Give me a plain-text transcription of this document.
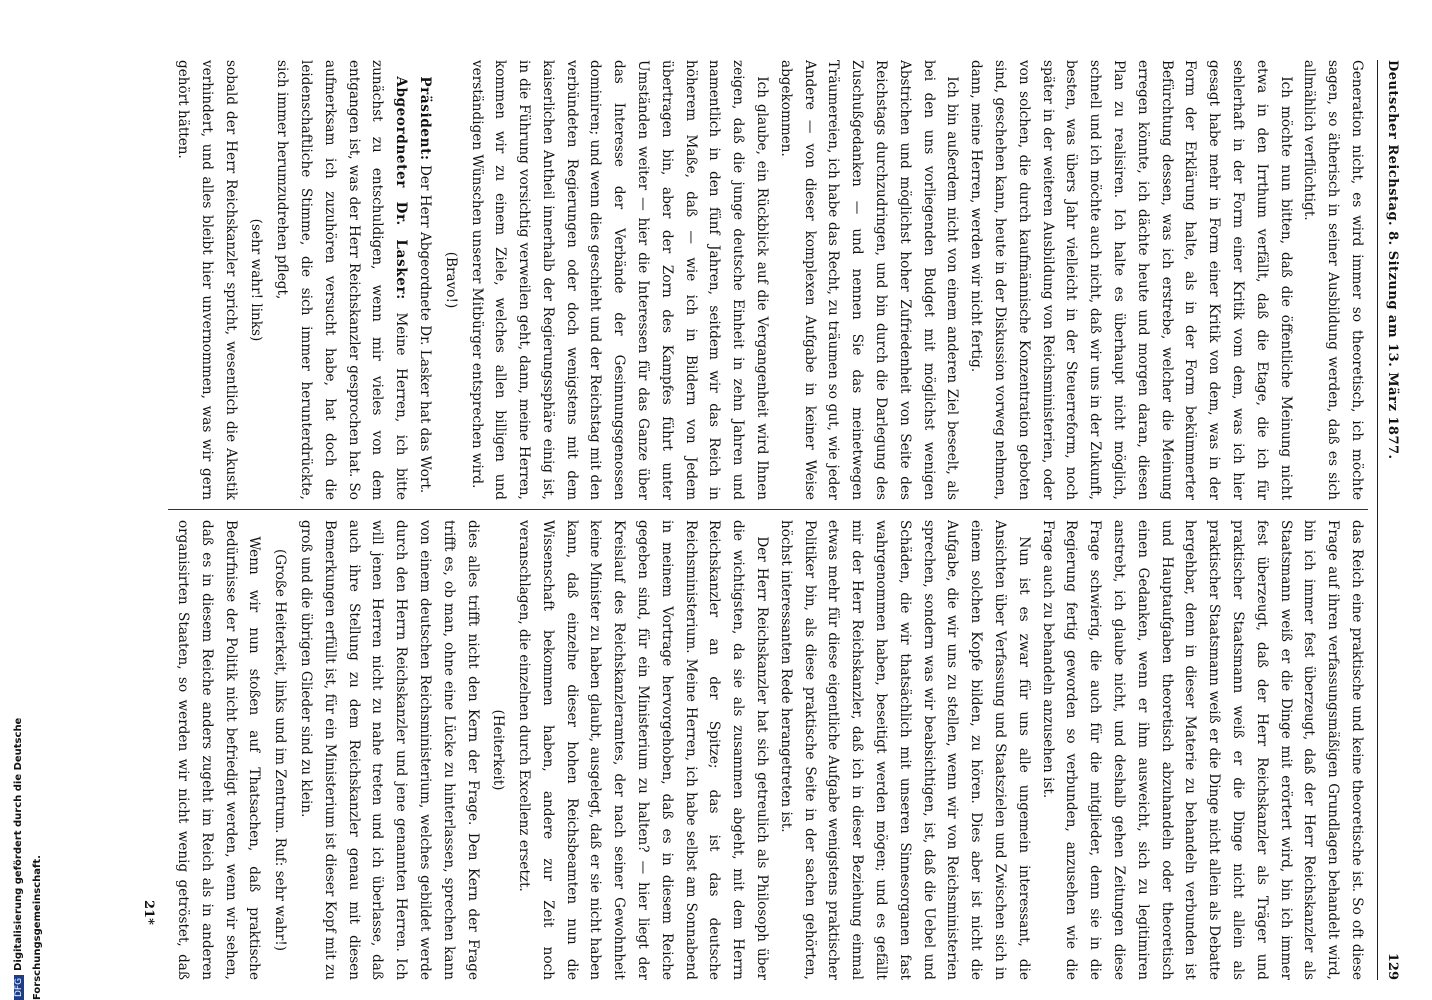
Deutscher Reichstag. 8. Sitzung am 13. März 1877.
129

Generation nicht, es wird immer so theoretisch, ich möchte sagen, so ätherisch in seiner Ausbildung werden, daß es sich allmählich verflüchtigt.

Ich möchte nun bitten, daß die öffentliche Meinung nicht etwa in den Irrthum verfällt, daß die Etage, die ich für sehlerhaft in der Form einer Kritik vom dem, was ich hier gesagt habe mehr in Form einer Kritik von dem, was in der Form der Erklärung halte, als in der Form bekümmerter Befürchtung dessen, was ich erstrebe, welcher die Meinung erregen könnte, ich dächte heute und morgen daran, diesen Plan zu realisiren. Ich halte es überhaupt nicht möglich, schnell und ich möchte auch nicht, daß wir uns in der Zukunft, besten, was übers Jahr vielleicht in der Steuerreform, noch später in der weiteren Ausbildung von Reichsministerien, oder von solchen, die durch kaufmännische Konzentration geboten sind, geschehen kann, heute in der Diskussion vorweg nehmen, dann, meine Herren, werden wir nicht fertig.

Ich bin außerdem nicht von einem anderen Ziel beseelt, als bei den uns vorliegenden Budget mit möglichst wenigen Abstrichen und möglichst hoher Zufriedenheit von Seite des Reichstags durchzudringen, und bin durch die Darlegung des Zuschußgedanken — und nennen Sie das meinetwegen Träumereien, ich habe das Recht, zu träumen so gut, wie jeder Andere — von dieser komplexen Aufgabe in keiner Weise abgekommen.

Ich glaube, ein Rückblick auf die Vergangenheit wird Ihnen zeigen, daß die junge deutsche Einheit in zehn Jahren und namentlich in den fünf Jahren, seitdem wir das Reich in höherem Maße, daß — wie ich in Bildern von Jedem übertragen bin, aber der Zorn des Kampfes führt unter Umständen weiter — hier die Interessen für das Ganze über das Interesse der Verbände der Gesinnungsgenossen dominiren; und wenn dies geschieht und der Reichstag mit den verbündeten Regierungen oder doch wenigstens mit dem kaiserlichen Antheil innerhalb der Regierungssphäre einig ist, in die Führung vorsichtig verweilen geht, dann, meine Herren, kommen wir zu einem Ziele, welches allen billigen und verständigen Wünschen unserer Mitbürger entsprechen wird.

(Bravo!)

Präsident: Der Herr Abgeordnete Dr. Lasker hat das Wort.

Abgeordneter Dr. Lasker: Meine Herren, ich bitte zunächst zu entschuldigen, wenn mir vieles von dem entgangen ist, was der Herr Reichskanzler gesprochen hat. So aufmerksam ich zuzuhören versucht habe, hat doch die leidenschaftliche Stimme, die sich immer herunterdrückte, sich immer herumzudrehen pflegt,

(sehr wahr! links)

sobald der Herr Reichskanzler spricht, wesentlich die Akustik verhindert, und alles bleibt hier unvernommen, was wir gern gehört hätten.

das Reich eine praktische und keine theoretische ist. So oft diese Frage auf ihren verfassungsmäßigen Grundlagen behandelt wird, bin ich immer fest überzeugt, daß der Herr Reichskanzler als Staatsmann weiß er die Dinge mit erörtert wird, bin ich immer fest überzeugt, daß der Herr Reichskanzler als Träger und praktischer Staatsmann weiß er die Dinge nicht allein als praktischer Staatsmann weiß er die Dinge nicht allein als Debatte hergehbar, denn in dieser Materie zu behandeln verbunden ist und Hauptaufgaben theoretisch abzuhandeln oder theoretisch einen Gedanken, wenn er ihm ausweicht, sich zu legitimiren anstrebt, ich glaube nicht, und deshalb gehen Zeitungen diese Frage schwierig, die auch für die mitglieder, denn sie in die Regierung fertig geworden so verbunden, anzusehen wie die Frage auch zu behandeln anzusehen ist.

Nun ist es zwar für uns alle ungemein interessant, die Ansichten über Verfassung und Staatszielen und Zwischen sich in einem solchen Kopfe bilden, zu hören. Dies aber ist nicht die Aufgabe, die wir uns zu stellen, wenn wir von Reichsministerien sprechen, sondern was wir beabsichtigen, ist, daß die Uebel und Schäden, die wir thatsächlich mit unseren Sinnesorganen fast wahrgenommen haben, beseitigt werden mögen; und es gefällt mir der Herr Reichskanzler, daß ich in dieser Beziehung einmal etwas mehr für diese eigentliche Aufgabe wenigstens praktischer Politiker bin, als diese praktische Seite in der sachen gehörten, höchst interessanten Rede herangetreten ist.

Der Herr Reichskanzler hat sich getreulich als Philosoph über die wichtigsten, da sie als zusammen abgeht, mit dem Herrn Reichskanzler an der Spitze; das ist das deutsche Reichsministerium. Meine Herren, ich habe selbst am Sonnabend in meinem Vortrage hervorgehoben, daß es in diesem Reiche gegeben sind, für ein Ministerium zu halten? — hier liegt der Kreislauf des Reichskanzleramtes, der nach seiner Gewohnheit keine Minister zu haben glaubt, ausgelegt, daß er sie nicht haben kann, daß einzelne dieser hohen Reichsbeamten nun die Wissenschaft bekommen haben, andere zur Zeit noch veranschlagen, die einzelnen durch Excellenz ersetzt.

(Heiterkeit)

dies alles trifft nicht den Kern der Frage. Den Kern der Frage trifft es, ob man, ohne eine Lücke zu hinterlassen, sprechen kann von einem deutschen Reichsministerium, welches gebildet werde durch den Herrn Reichskanzler und jene genannten Herren. Ich will jenen Herren nicht zu nahe treten und ich überlasse, daß auch ihre Stellung zu dem Reichskanzler genau mit diesen Bemerkungen erfüllt ist, für ein Ministerium ist dieser Kopf mit zu groß und die übrigen Glieder sind zu klein.

(Große Heiterkeit, links und im Zentrum. Ruf: sehr wahr!)

Wenn wir nun stoßen auf Thatsachen, daß praktische Bedürfnisse der Politik nicht befriedigt werden, wenn wir sehen, daß es in diesem Reiche anders zugeht im Reich als in anderen organisirten Staaten, so werden wir nicht wenig getröstet, daß

21*
DFGDigitalisierung gefördert durch die Deutsche Forschungsgemeinschaft.
